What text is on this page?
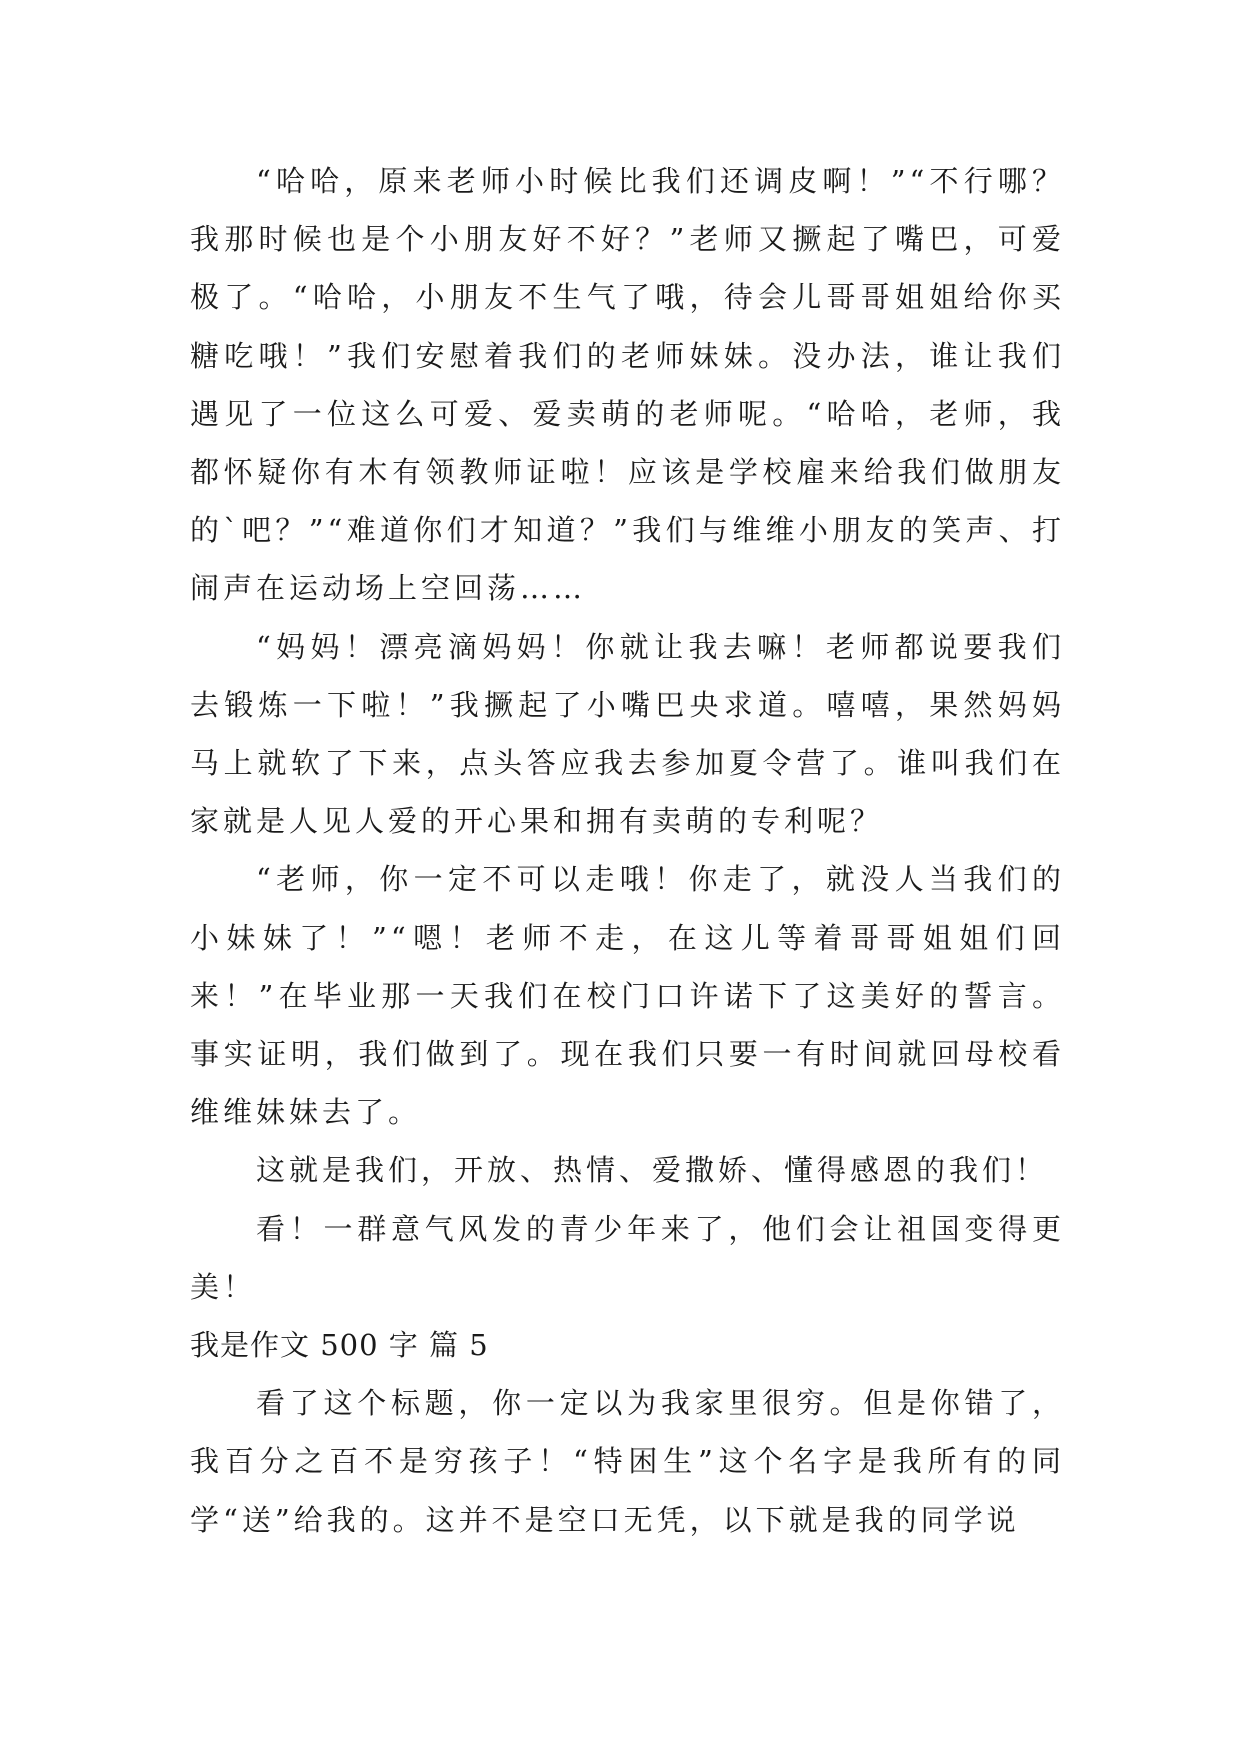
“哈哈，原来老师小时候比我们还调皮啊！”“不行哪？我那时候也是个小朋友好不好？”老师又撅起了嘴巴，可爱极了。“哈哈，小朋友不生气了哦，待会儿哥哥姐姐给你买糖吃哦！”我们安慰着我们的老师妹妹。没办法，谁让我们遇见了一位这么可爱、爱卖萌的老师呢。“哈哈，老师，我都怀疑你有木有领教师证啦！应该是学校雇来给我们做朋友的`吧？”“难道你们才知道？”我们与维维小朋友的笑声、打闹声在运动场上空回荡……

“妈妈！漂亮滴妈妈！你就让我去嘛！老师都说要我们去锻炼一下啦！”我撅起了小嘴巴央求道。嘻嘻，果然妈妈马上就软了下来，点头答应我去参加夏令营了。谁叫我们在家就是人见人爱的开心果和拥有卖萌的专利呢？

“老师，你一定不可以走哦！你走了，就没人当我们的小妹妹了！”“嗯！老师不走，在这儿等着哥哥姐姐们回来！”在毕业那一天我们在校门口许诺下了这美好的誓言。事实证明，我们做到了。现在我们只要一有时间就回母校看维维妹妹去了。

这就是我们，开放、热情、爱撒娇、懂得感恩的我们！

看！一群意气风发的青少年来了，他们会让祖国变得更美！

我是作文 500 字 篇 5

看了这个标题，你一定以为我家里很穷。但是你错了，我百分之百不是穷孩子！“特困生”这个名字是我所有的同学“送”给我的。这并不是空口无凭，以下就是我的同学说
